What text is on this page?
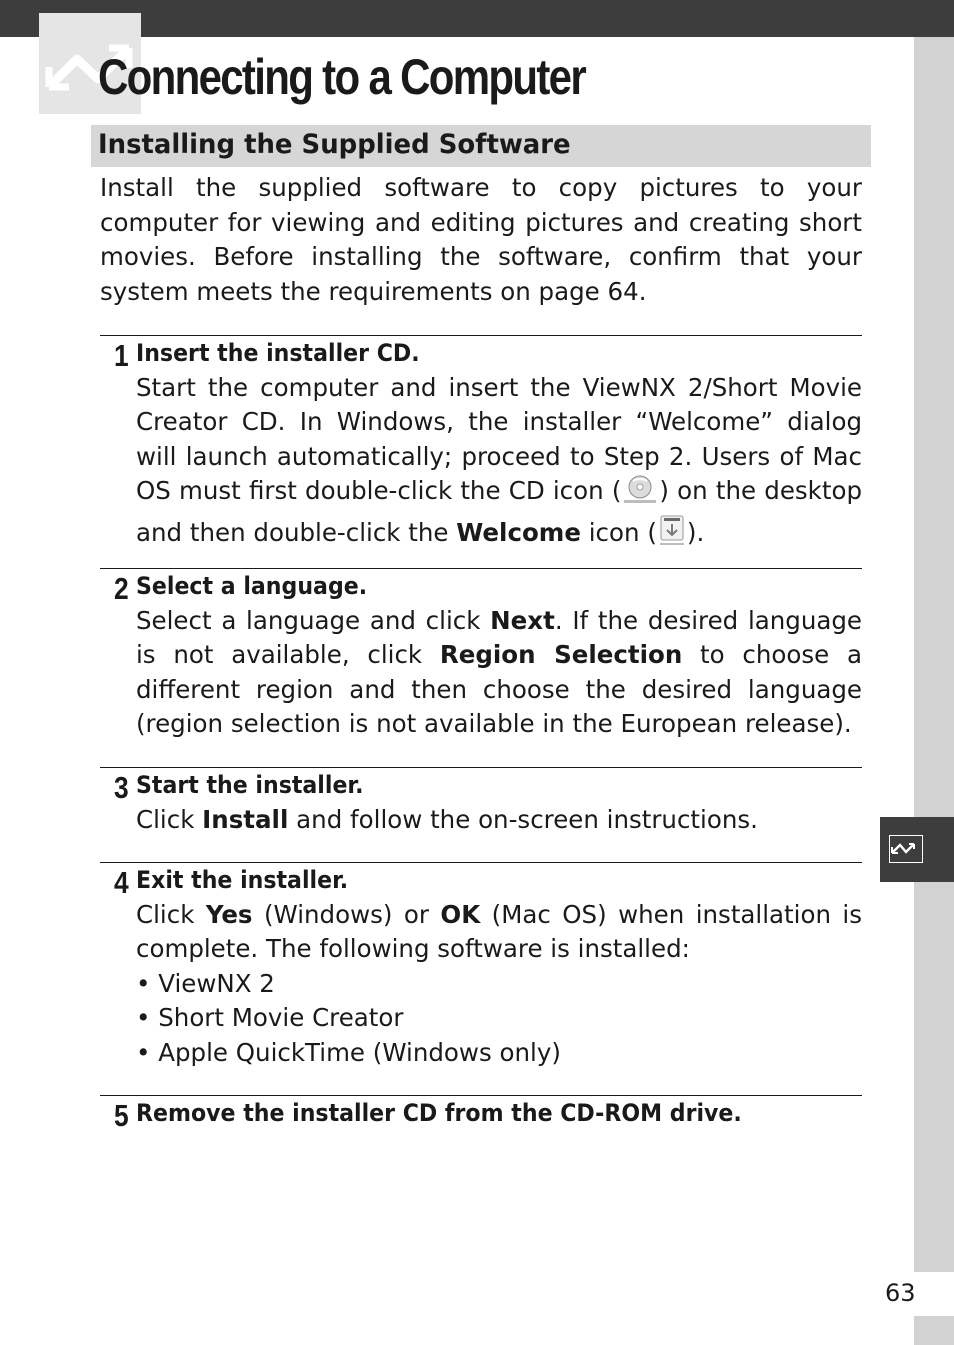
Connecting to a Computer
Installing the Supplied Software

Install the supplied software to copy pictures to your computer for viewing and editing pictures and creating short movies. Before installing the software, confirm that your system meets the requirements on page 64.

1 Insert the installer CD.

Start the computer and insert the ViewNX 2/Short Movie Creator CD. In Windows, the installer “Welcome” dialog will launch automatically; proceed to Step 2. Users of Mac OS must first double-click the CD icon ( ) on the desktop and then double-click the Welcome icon ( ).

2 Select a language.

Select a language and click Next. If the desired language is not available, click Region Selection to choose a different region and then choose the desired language (region selection is not available in the European release).

3 Start the installer.

Click Install and follow the on-screen instructions.

4 Exit the installer.
Click Yes (Windows) or OK (Mac OS) when installation is complete. The following software is installed:
• ViewNX 2
• Short Movie Creator
• Apple QuickTime (Windows only)
5 Remove the installer CD from the CD-ROM drive.
63
